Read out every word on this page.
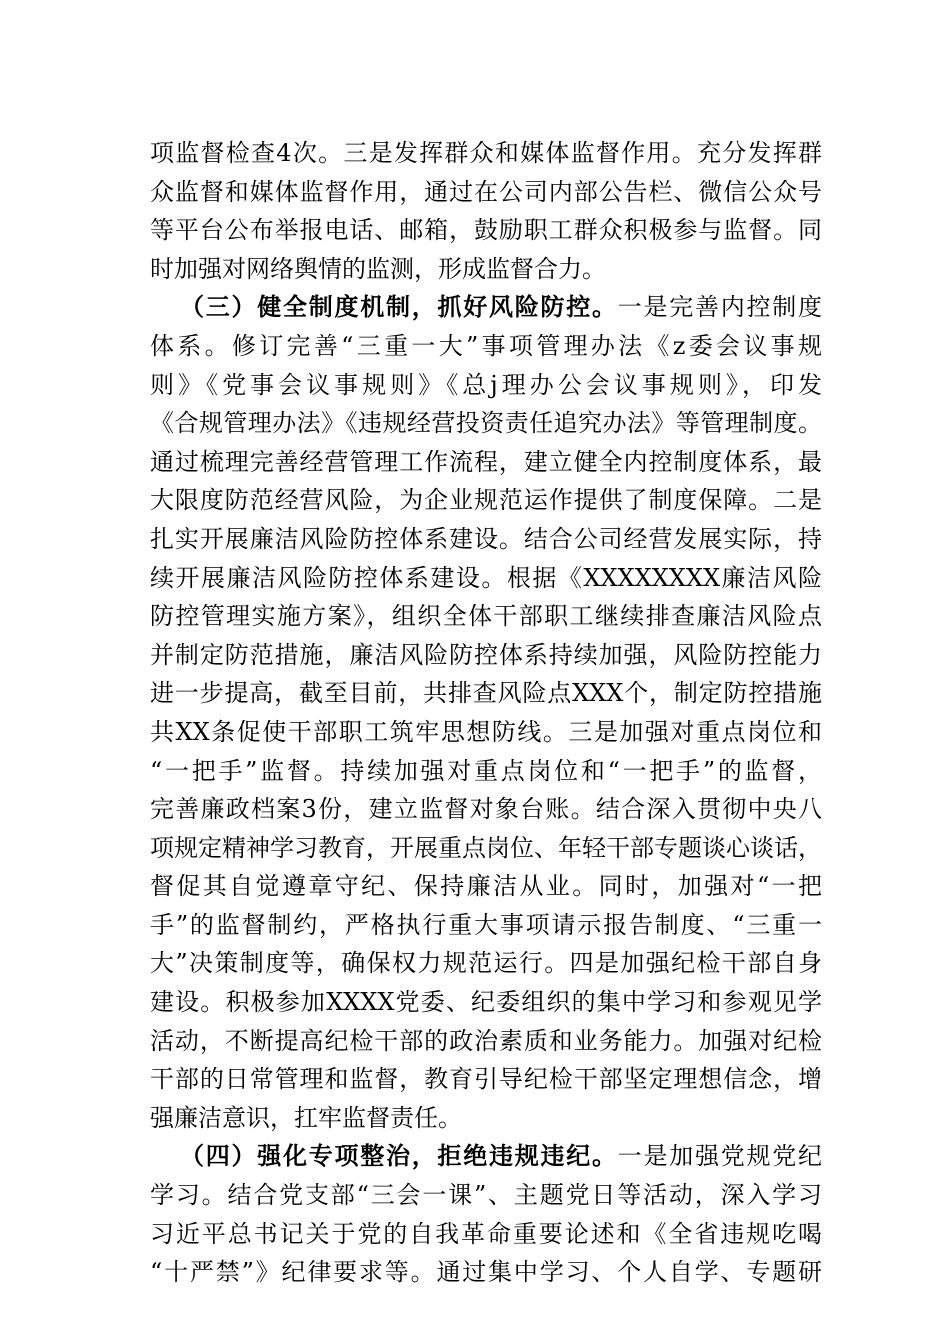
项监督检查4次。三是发挥群众和媒体监督作用。充分发挥群
众监督和媒体监督作用，通过在公司内部公告栏、微信公众号
等平台公布举报电话、邮箱，鼓励职工群众积极参与监督。同
时加强对网络舆情的监测，形成监督合力。
（三）健全制度机制，抓好风险防控。一是完善内控制度
体系。修订完善“三重一大”事项管理办法《z委会议事规
则》《党事会议事规则》《总j理办公会议事规则》，印发
《合规管理办法》《违规经营投资责任追究办法》等管理制度。
通过梳理完善经营管理工作流程，建立健全内控制度体系，最
大限度防范经营风险，为企业规范运作提供了制度保障。二是
扎实开展廉洁风险防控体系建设。结合公司经营发展实际，持
续开展廉洁风险防控体系建设。根据《XXXXXXXX廉洁风险
防控管理实施方案》，组织全体干部职工继续排查廉洁风险点
并制定防范措施，廉洁风险防控体系持续加强，风险防控能力
进一步提高，截至目前，共排查风险点XXX个，制定防控措施
共XX条促使干部职工筑牢思想防线。三是加强对重点岗位和
“一把手”监督。持续加强对重点岗位和“一把手”的监督，
完善廉政档案3份，建立监督对象台账。结合深入贯彻中央八
项规定精神学习教育，开展重点岗位、年轻干部专题谈心谈话，
督促其自觉遵章守纪、保持廉洁从业。同时，加强对“一把
手”的监督制约，严格执行重大事项请示报告制度、“三重一
大”决策制度等，确保权力规范运行。四是加强纪检干部自身
建设。积极参加XXXX党委、纪委组织的集中学习和参观见学
活动，不断提高纪检干部的政治素质和业务能力。加强对纪检
干部的日常管理和监督，教育引导纪检干部坚定理想信念，增
强廉洁意识，扛牢监督责任。
（四）强化专项整治，拒绝违规违纪。一是加强党规党纪
学习。结合党支部“三会一课”、主题党日等活动，深入学习
习近平总书记关于党的自我革命重要论述和《全省违规吃喝
“十严禁”》纪律要求等。通过集中学习、个人自学、专题研
